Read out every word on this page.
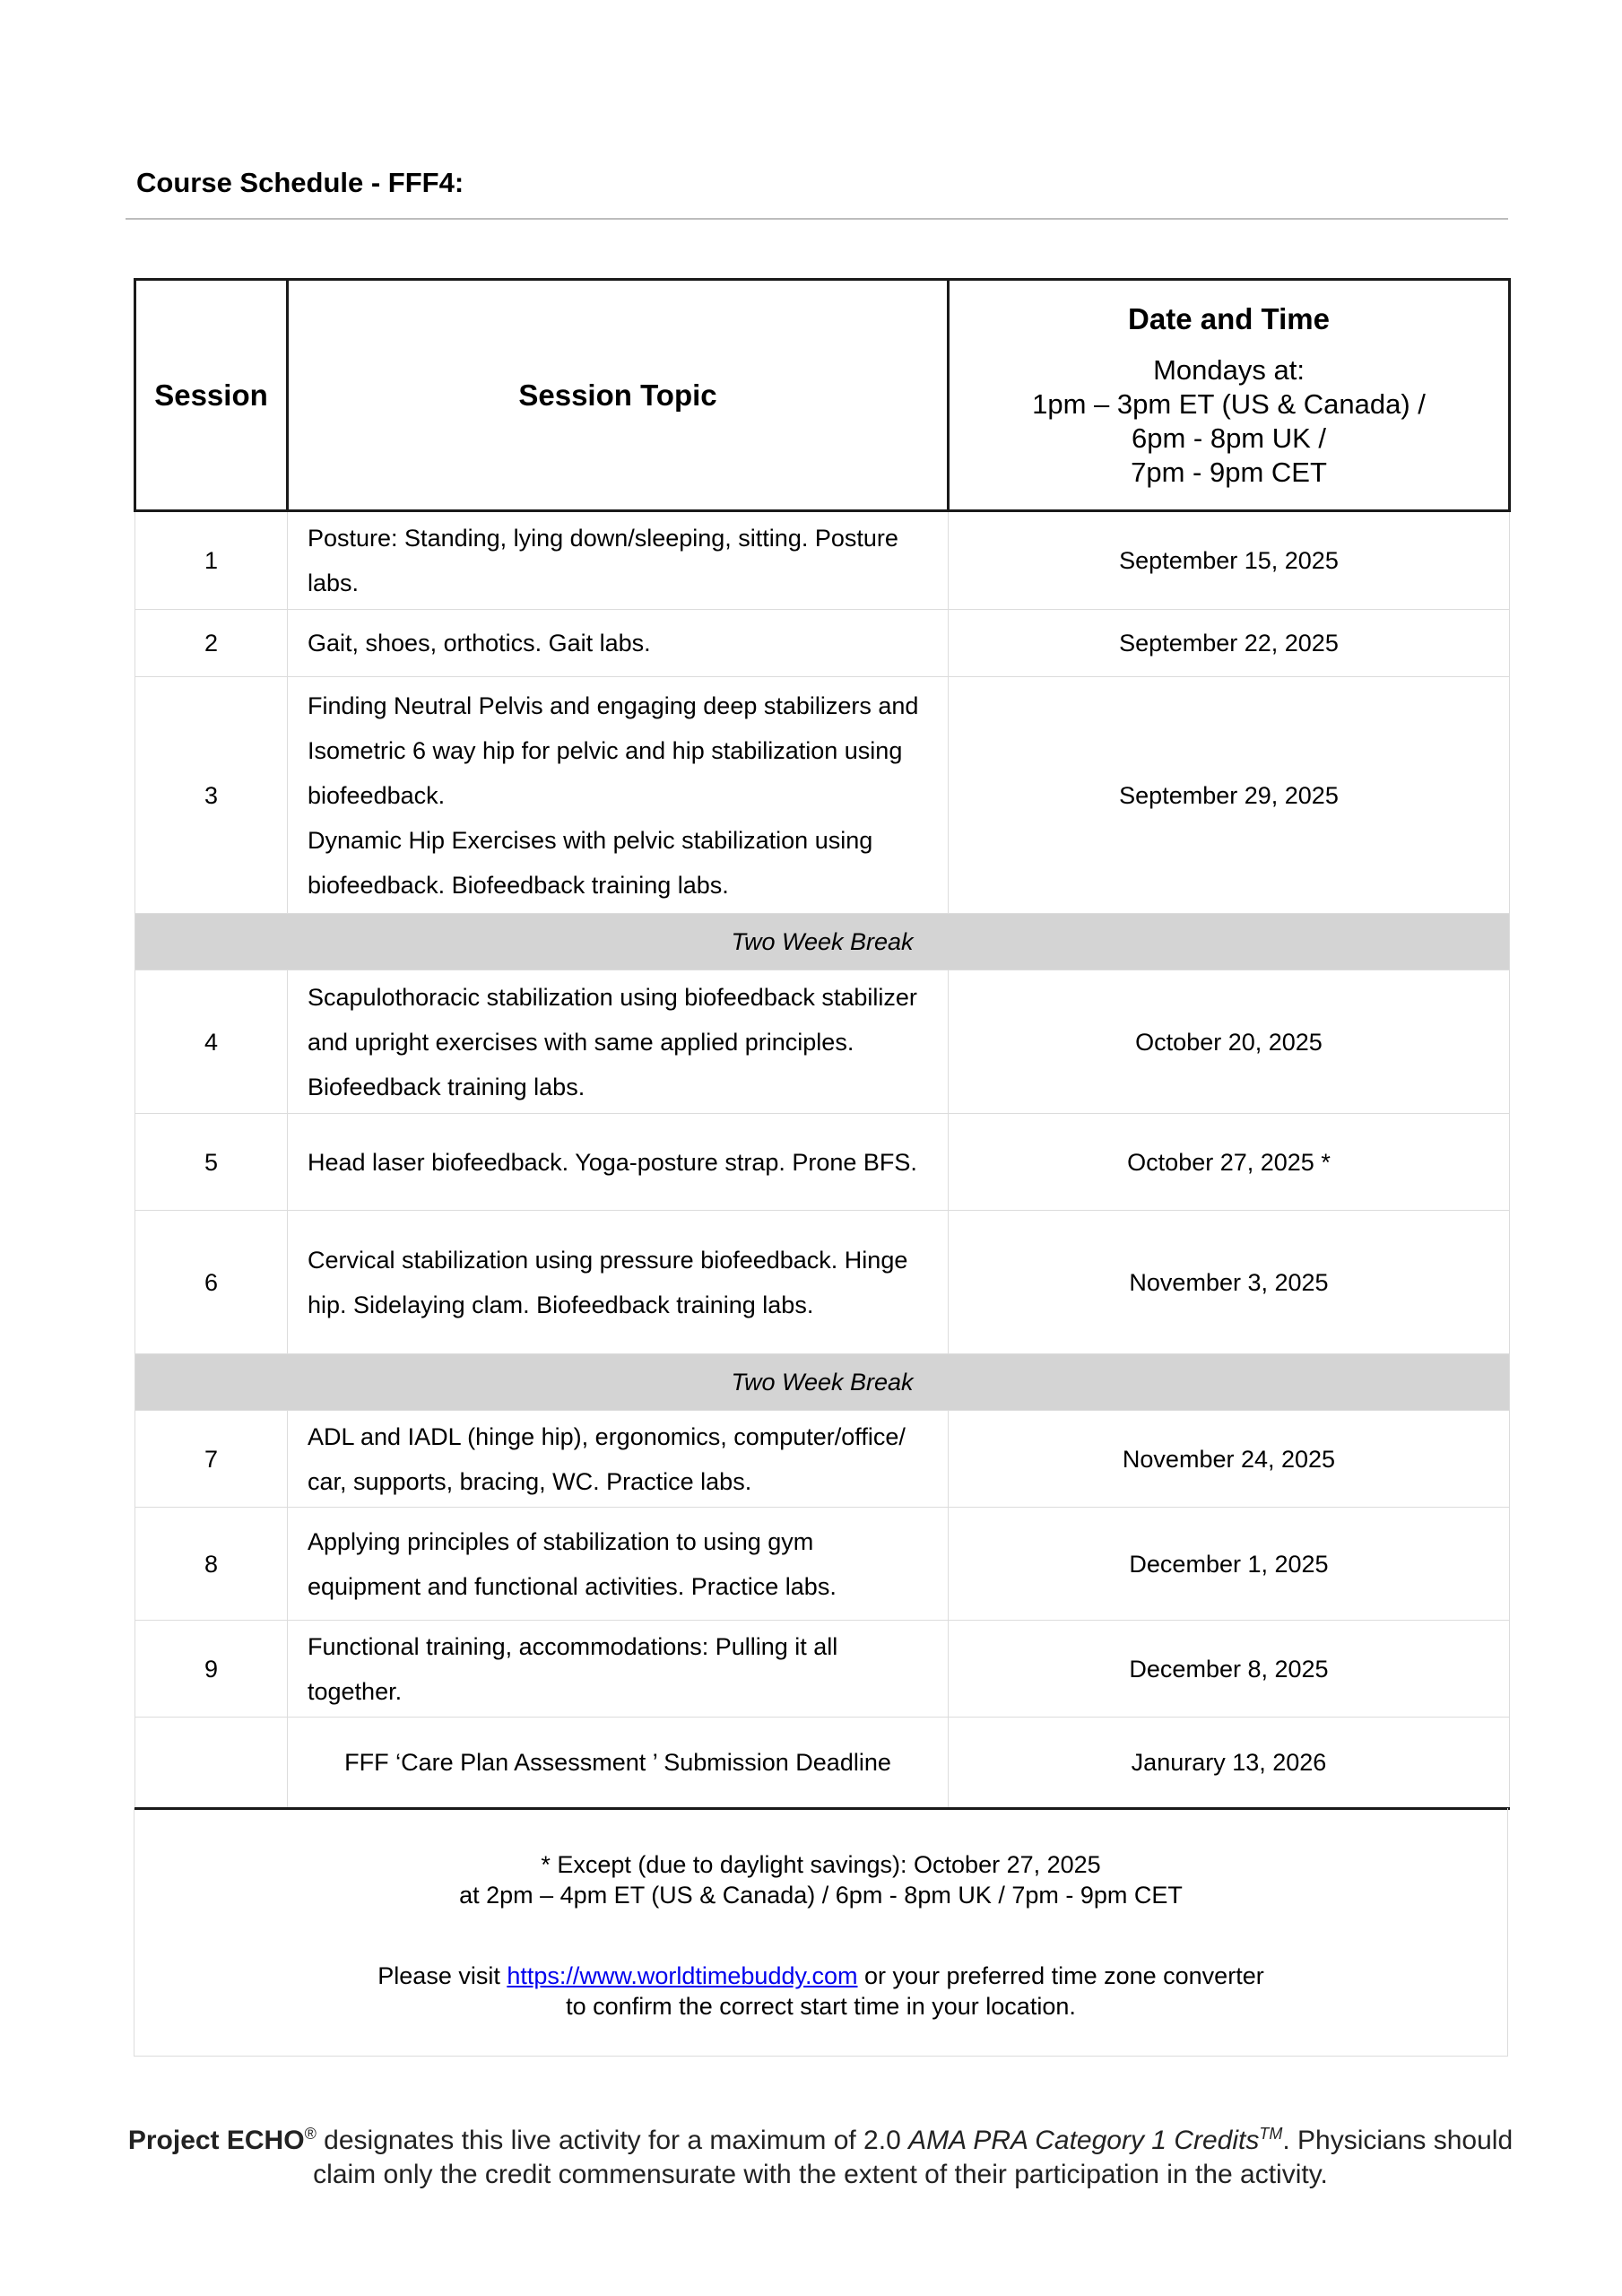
Course Schedule - FFF4:
Session	Session Topic	Date and Time
Mondays at:
1pm – 3pm ET (US & Canada) /
6pm - 8pm UK /
7pm - 9pm CET

1	Posture: Standing, lying down/sleeping, sitting. Posture
labs.	September 15, 2025
2	Gait, shoes, orthotics. Gait labs.	September 22, 2025
3	Finding Neutral Pelvis and engaging deep stabilizers and
Isometric 6 way hip for pelvic and hip stabilization using
biofeedback.
Dynamic Hip Exercises with pelvic stabilization using
biofeedback. Biofeedback training labs.	September 29, 2025
Two Week Break		
4	Scapulothoracic stabilization using biofeedback stabilizer
and upright exercises with same applied principles.
Biofeedback training labs.	October 20, 2025
5	Head laser biofeedback. Yoga-posture strap. Prone BFS.	October 27, 2025 *
6	Cervical stabilization using pressure biofeedback. Hinge
hip. Sidelaying clam. Biofeedback training labs.	November 3, 2025
Two Week Break		
7	ADL and IADL (hinge hip), ergonomics, computer/office/
car, supports, bracing, WC. Practice labs.	November 24, 2025
8	Applying principles of stabilization to using gym
equipment and functional activities. Practice labs.	December 1, 2025
9	Functional training, accommodations: Pulling it all
together.	December 8, 2025

	FFF ‘Care Plan Assessment ’ Submission Deadline	Janurary 13, 2026
* Except (due to daylight savings): October 27, 2025
at 2pm – 4pm ET (US & Canada) / 6pm - 8pm UK / 7pm - 9pm CET
Please visit https://www.worldtimebuddy.com or your preferred time zone converter
to confirm the correct start time in your location.
Project ECHO® designates this live activity for a maximum of 2.0 AMA PRA Category 1 Credits™. Physicians should
claim only the credit commensurate with the extent of their participation in the activity.
